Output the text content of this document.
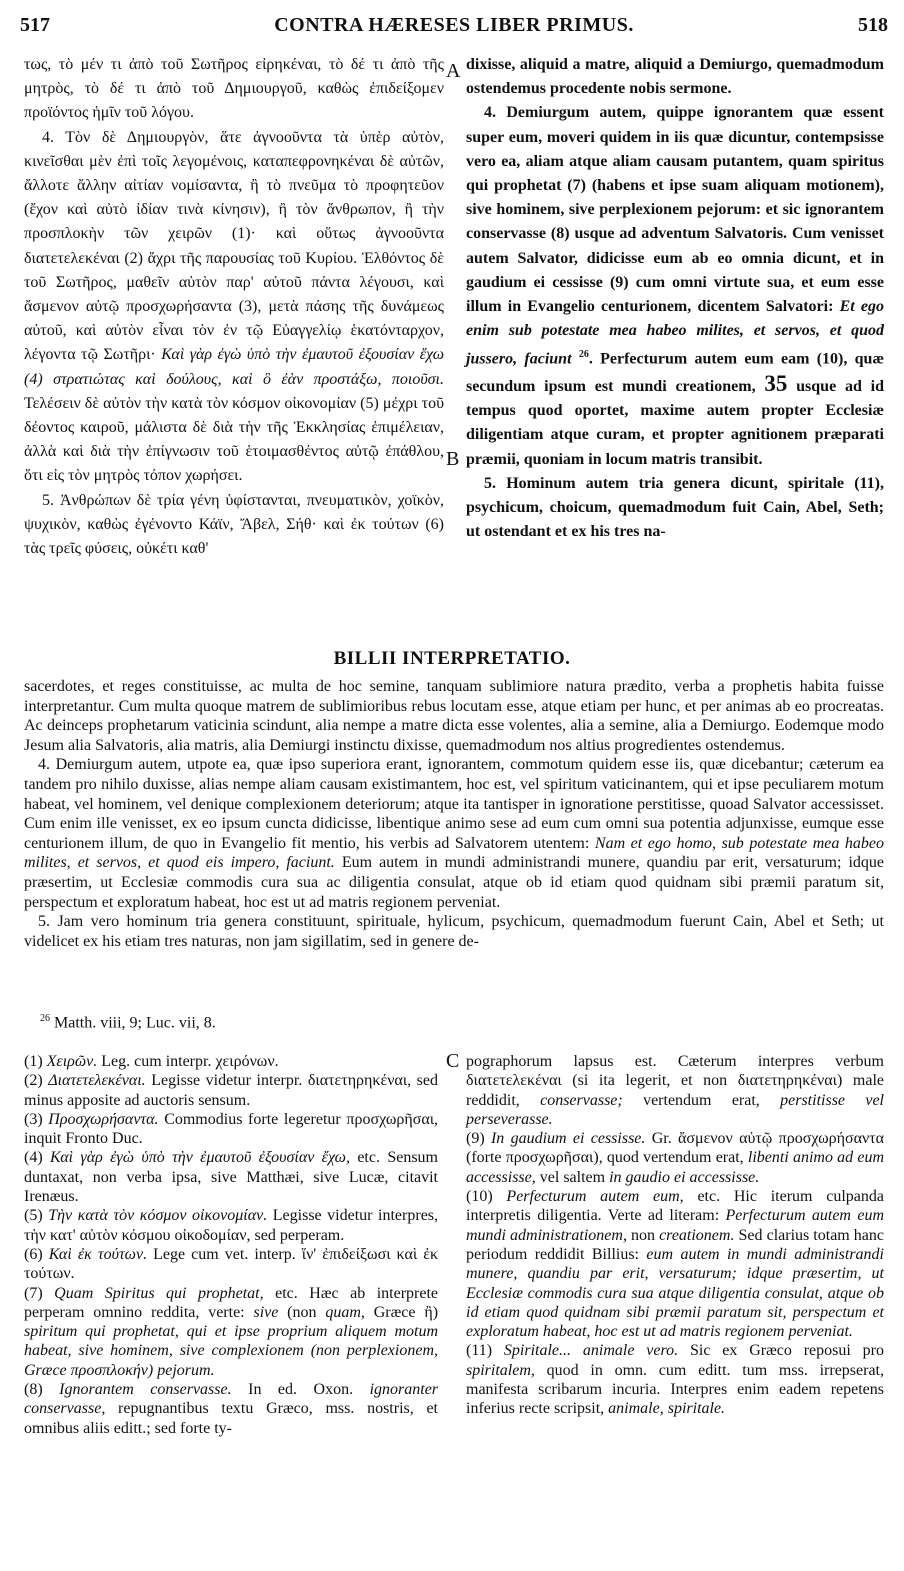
517	CONTRA HÆRESES LIBER PRIMUS.	518
A
B

τως, τὸ μέν τι ἀπὸ τοῦ Σωτῆρος εἰρηκέναι, τὸ δέ τι ἀπὸ τῆς μητρὸς, τὸ δέ τι ἀπὸ τοῦ Δημιουργοῦ, καθὼς ἐπιδείξομεν προϊόντος ἡμῖν τοῦ λόγου.

4. Τὸν δὲ Δημιουργὸν, ἅτε ἀγνοοῦντα τὰ ὑπὲρ αὐτὸν, κινεῖσθαι μὲν ἐπὶ τοῖς λεγομένοις, καταπεφρονηκέναι δὲ αὐτῶν, ἄλλοτε ἄλλην αἰτίαν νομίσαντα, ἢ τὸ πνεῦμα τὸ προφητεῦον (ἔχον καὶ αὐτὸ ἰδίαν τινὰ κίνησιν), ἢ τὸν ἄνθρωπον, ἢ τὴν προσπλοκὴν τῶν χειρῶν (1)· καὶ οὕτως ἀγνοοῦντα διατετελεκέναι (2) ἄχρι τῆς παρουσίας τοῦ Κυρίου. Ἐλθόντος δὲ τοῦ Σωτῆρος, μαθεῖν αὐτὸν παρ' αὐτοῦ πάντα λέγουσι, καὶ ἄσμενον αὐτῷ προσχωρήσαντα (3), μετὰ πάσης τῆς δυνάμεως αὐτοῦ, καὶ αὐτὸν εἶναι τὸν ἐν τῷ Εὐαγγελίῳ ἑκατόνταρχον, λέγοντα τῷ Σωτῆρι· Καὶ γὰρ ἐγὼ ὑπὸ τὴν ἐμαυτοῦ ἐξουσίαν ἔχω (4) στρατιώτας καὶ δούλους, καὶ ὃ ἐὰν προστάξω, ποιοῦσι. Τελέσειν δὲ αὐτὸν τὴν κατὰ τὸν κόσμον οἰκονομίαν (5) μέχρι τοῦ δέοντος καιροῦ, μάλιστα δὲ διὰ τὴν τῆς Ἐκκλησίας ἐπιμέλειαν, ἀλλὰ καὶ διὰ τὴν ἐπίγνωσιν τοῦ ἑτοιμασθέντος αὐτῷ ἐπάθλου, ὅτι εἰς τὸν μητρὸς τόπον χωρήσει.

5. Ἀνθρώπων δὲ τρία γένη ὑφίστανται, πνευματικὸν, χοϊκὸν, ψυχικὸν, καθὼς ἐγένοντο Κάϊν, Ἄβελ, Σήθ· καὶ ἐκ τούτων (6) τὰς τρεῖς φύσεις, οὐκέτι καθ'

dixisse, aliquid a matre, aliquid a Demiurgo, quemadmodum ostendemus procedente nobis sermone.

4. Demiurgum autem, quippe ignorantem quæ essent super eum, moveri quidem in iis quæ dicuntur, contempsisse vero ea, aliam atque aliam causam putantem, quam spiritus qui prophetat (7) (habens et ipse suam aliquam motionem), sive hominem, sive perplexionem pejorum: et sic ignorantem conservasse (8) usque ad adventum Salvatoris. Cum venisset autem Salvator, didicisse eum ab eo omnia dicunt, et in gaudium ei cessisse (9) cum omni virtute sua, et eum esse illum in Evangelio centurionem, dicentem Salvatori: Et ego enim sub potestate mea habeo milites, et servos, et quod jussero, faciunt $^{26}$. Perfecturum autem eum eam (10), quæ secundum ipsum est mundi creationem, 35 usque ad id tempus quod oportet, maxime autem propter Ecclesiæ diligentiam atque curam, et propter agnitionem præparati præmii, quoniam in locum matris transibit.

5. Hominum autem tria genera dicunt, spiritale (11), psychicum, choicum, quemadmodum fuit Cain, Abel, Seth; ut ostendant et ex his tres na-

BILLII INTERPRETATIO.

sacerdotes, et reges constituisse, ac multa de hoc semine, tanquam sublimiore natura prædito, verba a prophetis habita fuisse interpretantur. Cum multa quoque matrem de sublimioribus rebus locutam esse, atque etiam per hunc, et per animas ab eo procreatas. Ac deinceps prophetarum vaticinia scindunt, alia nempe a matre dicta esse volentes, alia a semine, alia a Demiurgo. Eodemque modo Jesum alia Salvatoris, alia matris, alia Demiurgi instinctu dixisse, quemadmodum nos altius progredientes ostendemus.

4. Demiurgum autem, utpote ea, quæ ipso superiora erant, ignorantem, commotum quidem esse iis, quæ dicebantur; cæterum ea tandem pro nihilo duxisse, alias nempe aliam causam existimantem, hoc est, vel spiritum vaticinantem, qui et ipse peculiarem motum habeat, vel hominem, vel denique complexionem deteriorum; atque ita tantisper in ignoratione perstitisse, quoad Salvator accessisset. Cum enim ille venisset, ex eo ipsum cuncta didicisse, libentique animo sese ad eum cum omni sua potentia adjunxisse, eumque esse centurionem illum, de quo in Evangelio fit mentio, his verbis ad Salvatorem utentem: Nam et ego homo, sub potestate mea habeo milites, et servos, et quod eis impero, faciunt. Eum autem in mundi administrandi munere, quandiu par erit, versaturum; idque præsertim, ut Ecclesiæ commodis cura sua ac diligentia consulat, atque ob id etiam quod quidnam sibi præmii paratum sit, perspectum et exploratum habeat, hoc est ut ad matris regionem perveniat.

5. Jam vero hominum tria genera constituunt, spirituale, hylicum, psychicum, quemadmodum fuerunt Cain, Abel et Seth; ut videlicet ex his etiam tres naturas, non jam sigillatim, sed in genere de-

$^{26}$ Matth. viii, 9; Luc. vii, 8.
C

(1) Χειρῶν. Leg. cum interpr. χειρόνων.

(2) Διατετελεκέναι. Legisse videtur interpr. διατετηρηκέναι, sed minus apposite ad auctoris sensum.

(3) Προσχωρήσαντα. Commodius forte legeretur προσχωρῆσαι, inquit Fronto Duc.

(4) Καὶ γὰρ ἐγὼ ὑπὸ τὴν ἐμαυτοῦ ἐξουσίαν ἔχω, etc. Sensum duntaxat, non verba ipsa, sive Matthæi, sive Lucæ, citavit Irenæus.

(5) Τὴν κατὰ τὸν κόσμον οἰκονομίαν. Legisse videtur interpres, τὴν κατ' αὐτὸν κόσμου οἰκοδομίαν, sed perperam.

(6) Καὶ ἐκ τούτων. Lege cum vet. interp. ἵν' ἐπιδείξωσι καὶ ἐκ τούτων.

(7) Quam Spiritus qui prophetat, etc. Hæc ab interprete perperam omnino reddita, verte: sive (non quam, Græce ἢ) spiritum qui prophetat, qui et ipse proprium aliquem motum habeat, sive hominem, sive complexionem (non perplexionem, Græce προσπλοκήν) pejorum.

(8) Ignorantem conservasse. In ed. Oxon. ignoranter conservasse, repugnantibus textu Græco, mss. nostris, et omnibus aliis editt.; sed forte ty-

pographorum lapsus est. Cæterum interpres verbum διατετελεκέναι (si ita legerit, et non διατετηρηκέναι) male reddidit, conservasse; vertendum erat, perstitisse vel perseverasse.

(9) In gaudium ei cessisse. Gr. ἄσμενον αὐτῷ προσχωρήσαντα (forte προσχωρῆσαι), quod vertendum erat, libenti animo ad eum accessisse, vel saltem in gaudio ei accessisse.

(10) Perfecturum autem eum, etc. Hic iterum culpanda interpretis diligentia. Verte ad literam: Perfecturum autem eum mundi administrationem, non creationem. Sed clarius totam hanc periodum reddidit Billius: eum autem in mundi administrandi munere, quandiu par erit, versaturum; idque præsertim, ut Ecclesiæ commodis cura sua atque diligentia consulat, atque ob id etiam quod quidnam sibi præmii paratum sit, perspectum et exploratum habeat, hoc est ut ad matris regionem perveniat.

(11) Spiritale... animale vero. Sic ex Græco reposui pro spiritalem, quod in omn. cum editt. tum mss. irrepserat, manifesta scribarum incuria. Interpres enim eadem repetens inferius recte scripsit, animale, spiritale.
